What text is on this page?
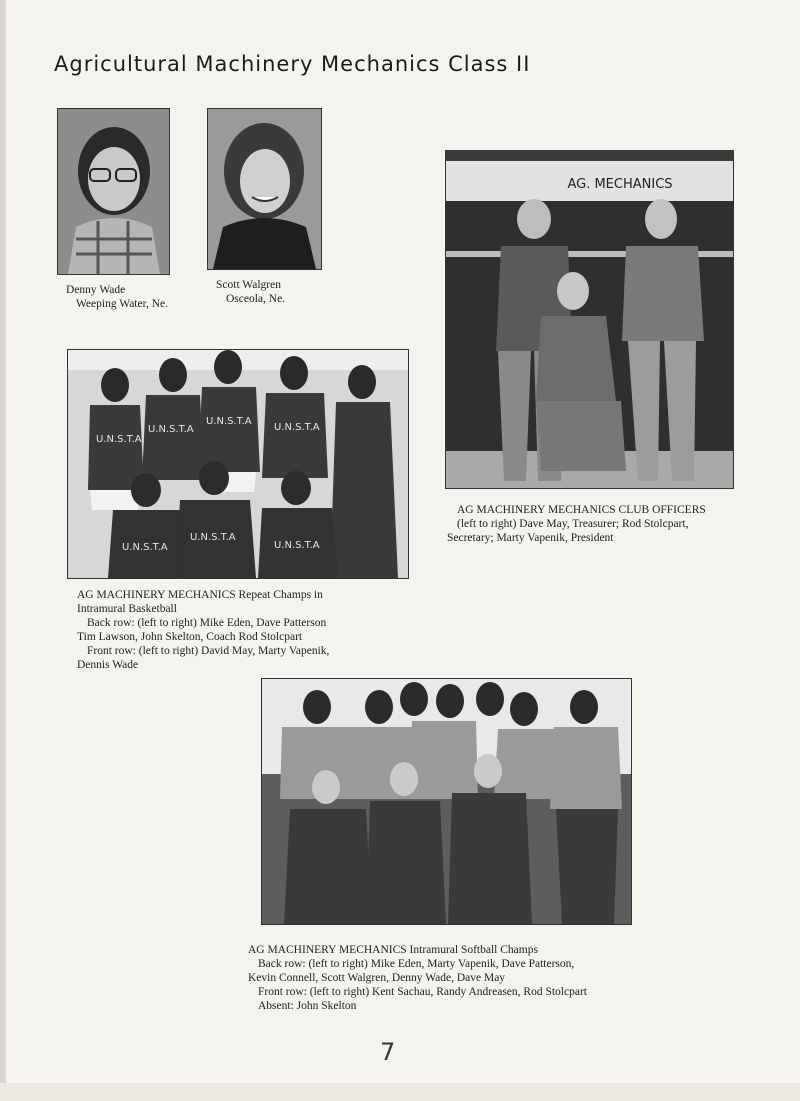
Agricultural Machinery Mechanics Class II
Denny Wade
Weeping Water, Ne.
Scott Walgren
Osceola, Ne.
AG. MECHANICS
AG MACHINERY MECHANICS CLUB OFFICERS
(left to right) Dave May, Treasurer; Rod Stolcpart,
Secretary; Marty Vapenik, President
U.N.S.T.A
U.N.S.T.A
U.N.S.T.A
U.N.S.T.A
U.N.S.T.A
U.N.S.T.A
U.N.S.T.A
AG MACHINERY MECHANICS Repeat Champs in
Intramural Basketball
Back row: (left to right) Mike Eden, Dave Patterson
Tim Lawson, John Skelton, Coach Rod Stolcpart
Front row: (left to right) David May, Marty Vapenik,
Dennis Wade
AG MACHINERY MECHANICS Intramural Softball Champs
Back row: (left to right) Mike Eden, Marty Vapenik, Dave Patterson,
Kevin Connell, Scott Walgren, Denny Wade, Dave May
Front row: (left to right) Kent Sachau, Randy Andreasen, Rod Stolcpart
Absent: John Skelton
7
